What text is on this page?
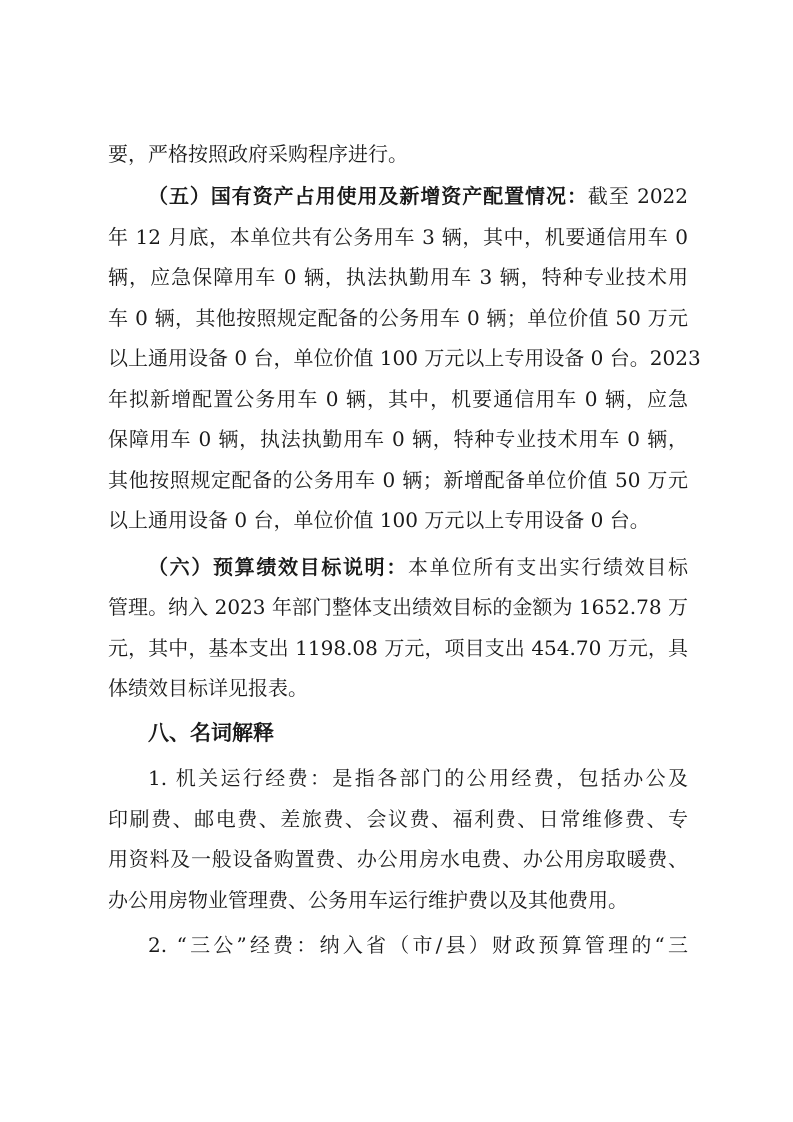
要，严格按照政府采购程序进行。
（五）国有资产占用使用及新增资产配置情况：截至 2022
年 12 月底，本单位共有公务用车 3 辆，其中，机要通信用车 0
辆，应急保障用车 0 辆，执法执勤用车 3 辆，特种专业技术用
车 0 辆，其他按照规定配备的公务用车 0 辆；单位价值 50 万元
以上通用设备 0 台，单位价值 100 万元以上专用设备 0 台。2023
年拟新增配置公务用车 0 辆，其中，机要通信用车 0 辆，应急
保障用车 0 辆，执法执勤用车 0 辆，特种专业技术用车 0 辆，
其他按照规定配备的公务用车 0 辆；新增配备单位价值 50 万元
以上通用设备 0 台，单位价值 100 万元以上专用设备 0 台。
（六）预算绩效目标说明：本单位所有支出实行绩效目标
管理。纳入 2023 年部门整体支出绩效目标的金额为 1652.78 万
元，其中，基本支出 1198.08 万元，项目支出 454.70 万元，具
体绩效目标详见报表。
八、名词解释
1. 机关运行经费：是指各部门的公用经费，包括办公及
印刷费、邮电费、差旅费、会议费、福利费、日常维修费、专
用资料及一般设备购置费、办公用房水电费、办公用房取暖费、
办公用房物业管理费、公务用车运行维护费以及其他费用。
2. “三公”经费：纳入省（市/县）财政预算管理的“三
